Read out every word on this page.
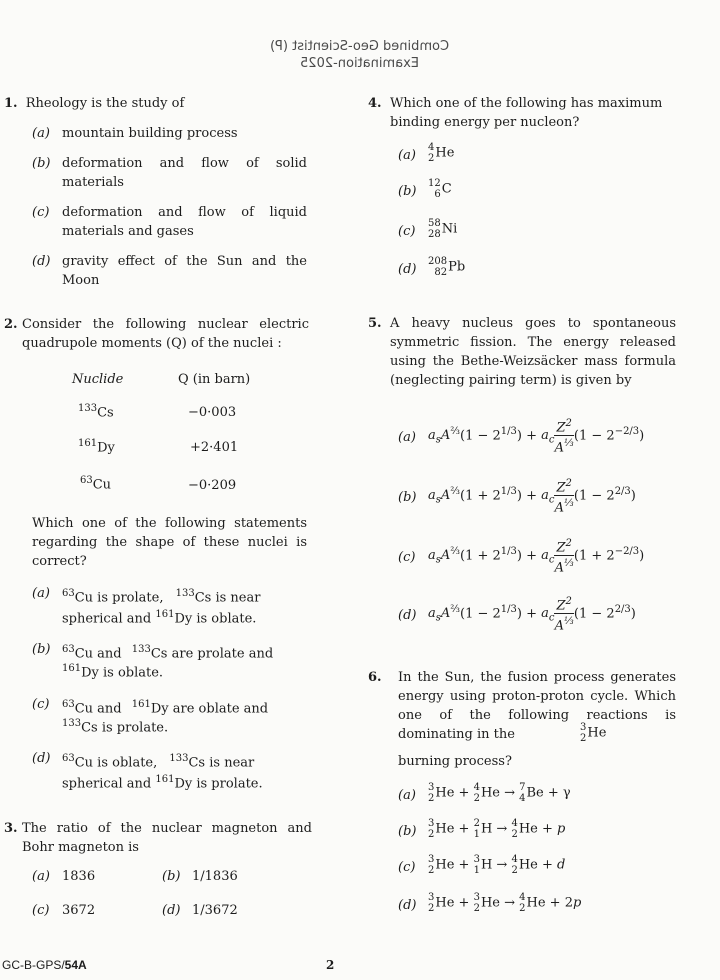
Combined Geo-Scientist (P)
Examination-2025
1. Rheology is the study of
(a) mountain building process
(b) deformation and flow of solid materials
(c) deformation and flow of liquid materials and gases
(d) gravity effect of the Sun and the Moon
2. Consider the following nuclear electric quadrupole moments (Q) of the nuclei :
Nuclide	Q (in barn)
$^{133}$Cs	−0·003
$^{161}$Dy	+2·401
$^{63}$Cu	−0·209
Which one of the following statements regarding the shape of these nuclei is correct?
(a) $^{63}$Cu is prolate, $^{133}$Cs is near
spherical and $^{161}$Dy is oblate.
(b) $^{63}$Cu and $^{133}$Cs are prolate and
$^{161}$Dy is oblate.
(c) $^{63}$Cu and $^{161}$Dy are oblate and
$^{133}$Cs is prolate.
(d) $^{63}$Cu is oblate, $^{133}$Cs is near
spherical and $^{161}$Dy is prolate.
3. The ratio of the nuclear magneton and Bohr magneton is
(a) 1836	(b) 1/1836
(c) 3672	(d) 1/3672
4. Which one of the following has maximum binding energy per nucleon?
(a)
4
2 He
(b)
12
6 C
(c)
58
28 Ni
(d)
208
82 Pb
5. A heavy nucleus goes to spontaneous symmetric fission. The energy released using the Bethe-Weizsäcker mass formula (neglecting pairing term) is given by
(a) $a_sA^{\frac{2}{3}}(1 - 2^{1/3}) + a_c \frac{Z^2}{A^{\frac{1}{3}}} (1 - 2^{-2/3})$
(b) $a_sA^{\frac{2}{3}}(1 + 2^{1/3}) + a_c \frac{Z^2}{A^{\frac{1}{3}}} (1 - 2^{2/3})$
(c) $a_sA^{\frac{2}{3}}(1 + 2^{1/3}) + a_c \frac{Z^2}{A^{\frac{1}{3}}} (1 + 2^{-2/3})$
(d) $a_sA^{\frac{2}{3}}(1 - 2^{1/3}) + a_c \frac{Z^2}{A^{\frac{1}{3}}} (1 - 2^{2/3})$
6. In the Sun, the fusion process generates energy using proton-proton cycle. Which one of the following reactions is dominating in the	3
2 He
burning process?
(a)
3
2 He + 4
2 He → 7
4 Be + γ
(b)
3
2 He + 2
1 H → 4
2 He + p
(c)
3
2 He + 3
1 H → 4
2 He + d
(d)
3
2 He + 3
2 He → 4
2 He + 2p
GC-B-GPS/54A	2
